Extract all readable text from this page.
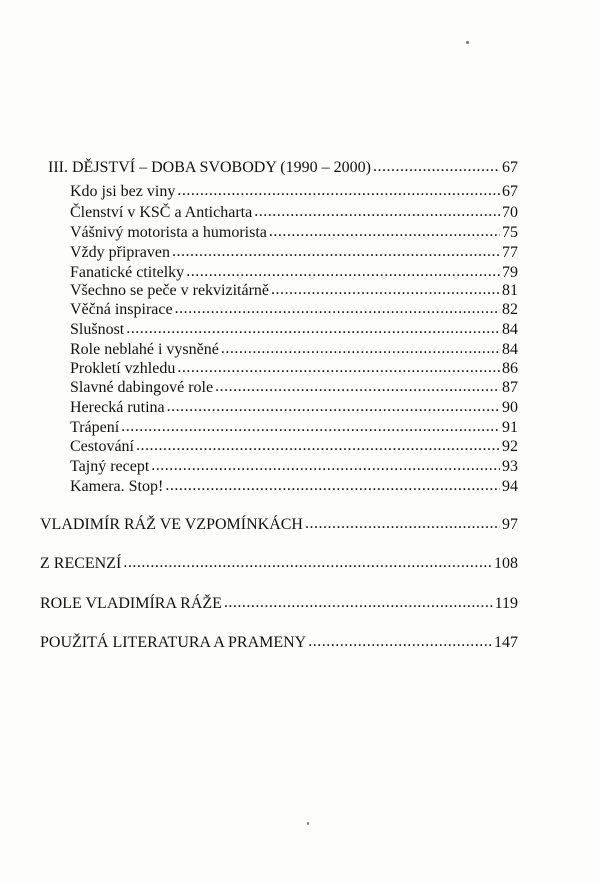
III. DĚJSTVÍ – DOBA SVOBODY (1990 – 2000) .....	67
Kdo jsi bez viny .....	67
Členství v KSČ a Anticharta .....	70
Vášnivý motorista a humorista .....	75
Vždy připraven .....	77
Fanatické ctitelky .....	79
Všechno se peče v rekvizitárně .....	81
Věčná inspirace .....	82
Slušnost .....	84
Role neblahé i vysněné .....	84
Prokletí vzhledu .....	86
Slavné dabingové role .....	87
Herecká rutina .....	90
Trápení .....	91
Cestování .....	92
Tajný recept .....	93
Kamera. Stop! .....	94
VLADIMÍR RÁŽ VE VZPOMÍNKÁCH .....	97
Z RECENZÍ .....	108
ROLE VLADIMÍRA RÁŽE .....	119
POUŽITÁ LITERATURA A PRAMENY .....	147
